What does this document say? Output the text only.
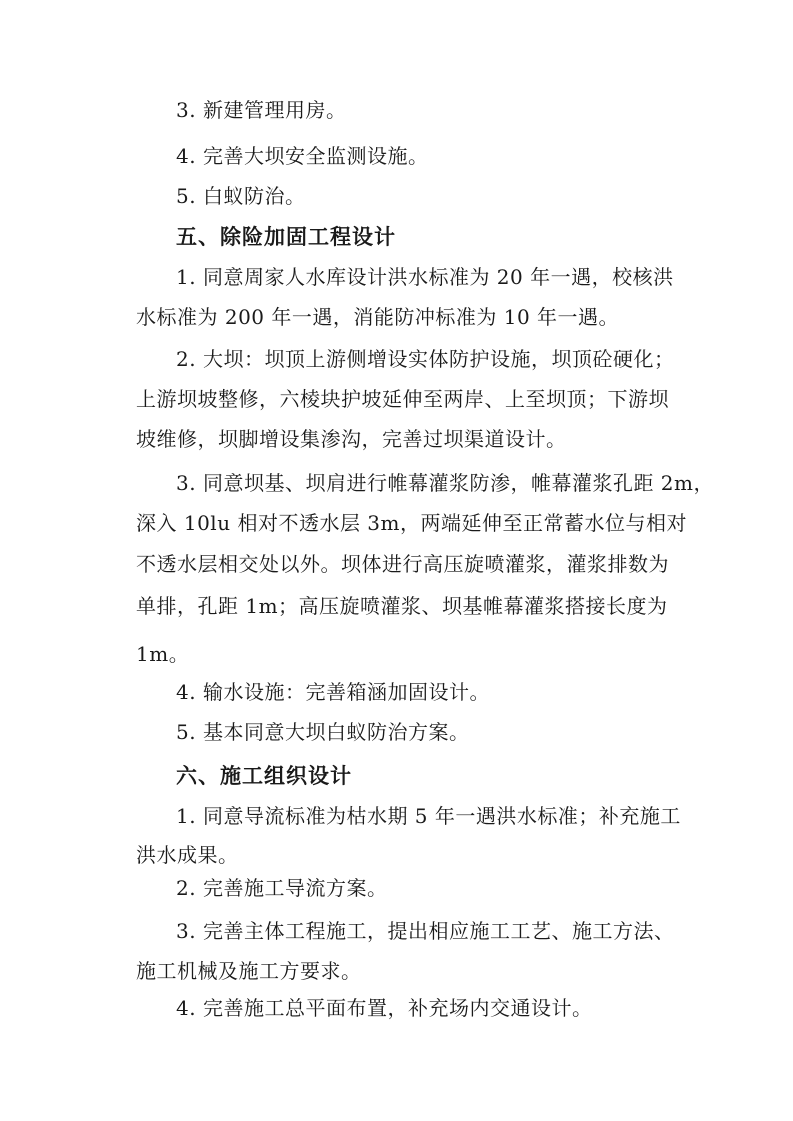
3. 新建管理用房。

4. 完善大坝安全监测设施。

5. 白蚁防治。

五、除险加固工程设计

1. 同意周家人水库设计洪水标准为 20 年一遇，校核洪

水标准为 200 年一遇，消能防冲标准为 10 年一遇。

2. 大坝：坝顶上游侧增设实体防护设施，坝顶砼硬化；

上游坝坡整修，六棱块护坡延伸至两岸、上至坝顶；下游坝

坡维修，坝脚增设集渗沟，完善过坝渠道设计。

3. 同意坝基、坝肩进行帷幕灌浆防渗，帷幕灌浆孔距 2m，

深入 10lu 相对不透水层 3m，两端延伸至正常蓄水位与相对

不透水层相交处以外。坝体进行高压旋喷灌浆，灌浆排数为

单排，孔距 1m；高压旋喷灌浆、坝基帷幕灌浆搭接长度为

1m。

4. 输水设施：完善箱涵加固设计。

5. 基本同意大坝白蚁防治方案。

六、施工组织设计

1. 同意导流标准为枯水期 5 年一遇洪水标准；补充施工

洪水成果。

2. 完善施工导流方案。

3. 完善主体工程施工，提出相应施工工艺、施工方法、

施工机械及施工方要求。

4. 完善施工总平面布置，补充场内交通设计。
